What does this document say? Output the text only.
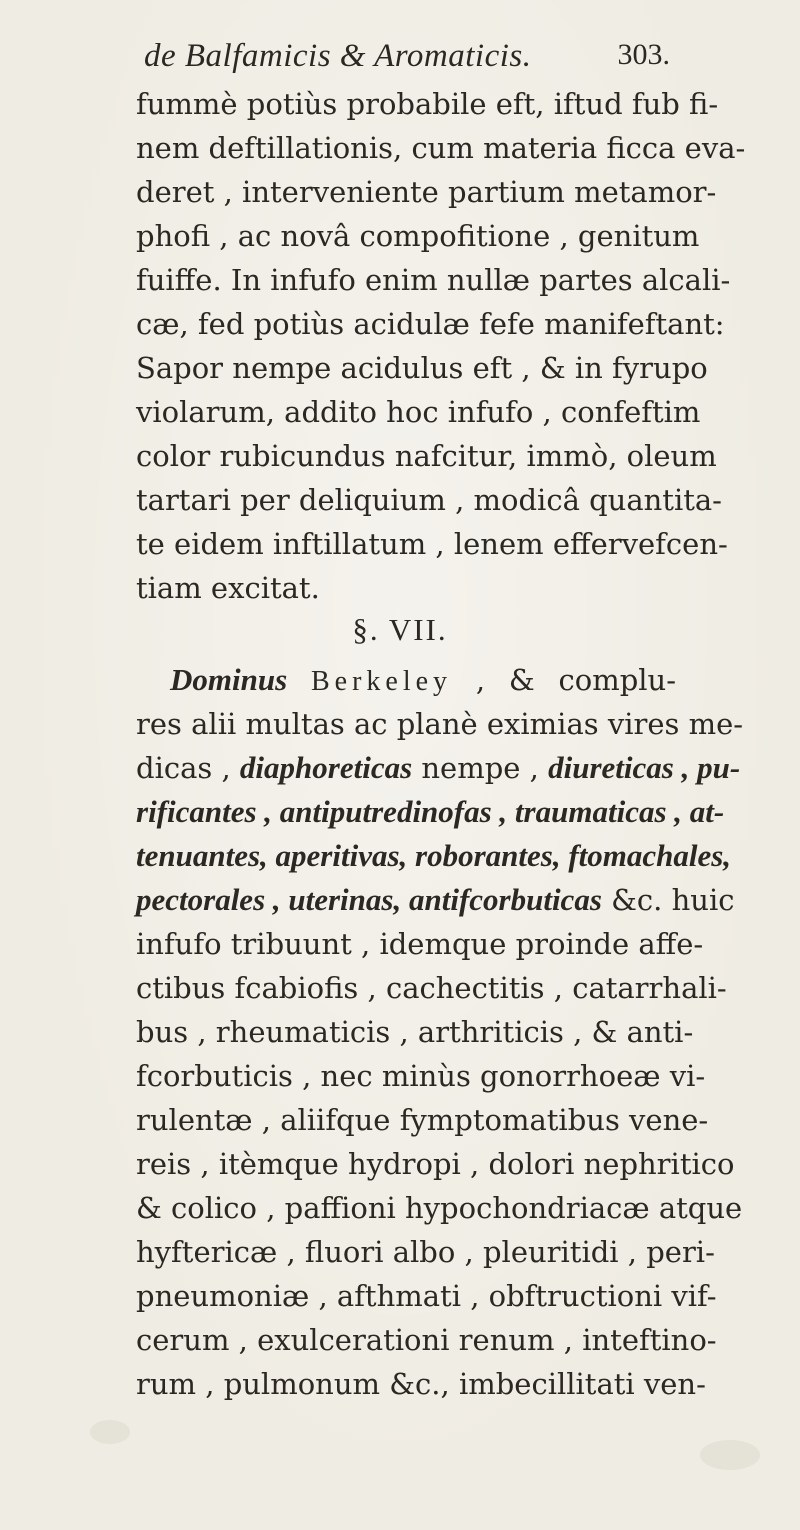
de Balfamicis & Aromaticis.	303.
fummè potiùs probabile eft, iftud fub fi-
nem deftillationis, cum materia ficca eva-
deret , interveniente partium metamor-
phofi , ac novâ compofitione , genitum
fuiffe. In infufo enim nullæ partes alcali-
cæ, fed potiùs acidulæ fefe manifeftant:
Sapor nempe acidulus eft , & in fyrupo
violarum, addito hoc infufo , confeftim
color rubicundus nafcitur, immò, oleum
tartari per deliquium , modicâ quantita-
te eidem inftillatum , lenem effervefcen-
tiam excitat.
§. VII.
Dominus Berkeley , & complu-
res alii multas ac planè eximias vires me-
dicas , diaphoreticas nempe , diureticas , pu-
rificantes , antiputredinofas , traumaticas , at-
tenuantes, aperitivas, roborantes, ftomachales,
pectorales , uterinas, antifcorbuticas &c. huic
infufo tribuunt , idemque proinde affe-
ctibus fcabiofis , cachectitis , catarrhali-
bus , rheumaticis , arthriticis , & anti-
fcorbuticis , nec minùs gonorrhoeæ vi-
rulentæ , aliifque fymptomatibus vene-
reis , itèmque hydropi , dolori nephritico
& colico , paffioni hypochondriacæ atque
hyftericæ , fluori albo , pleuritidi , peri-
pneumoniæ , afthmati , obftructioni vif-
cerum , exulcerationi renum , inteftino-
rum , pulmonum &c., imbecillitati ven-
